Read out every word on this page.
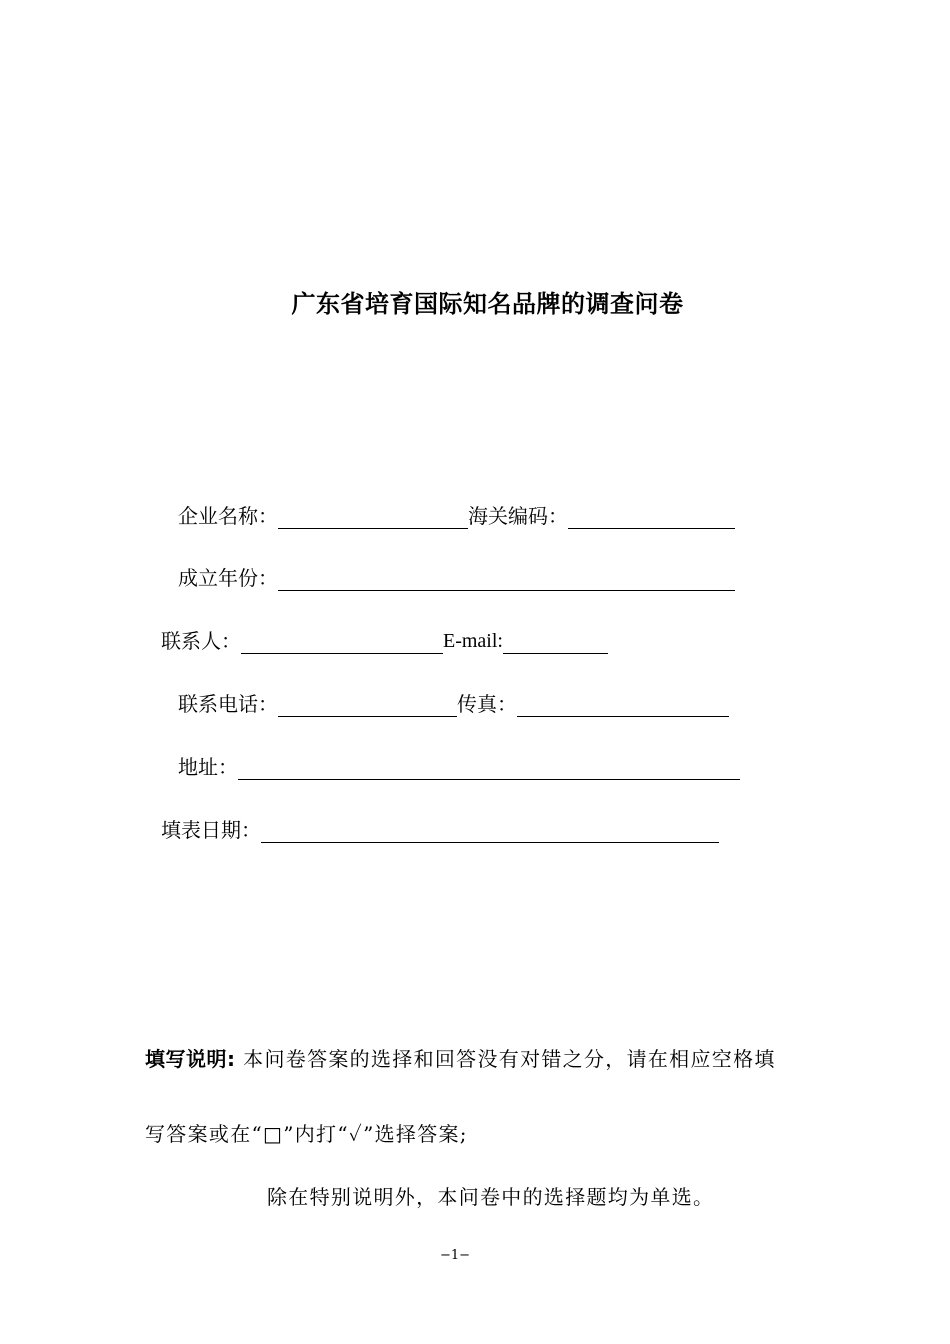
广东省培育国际知名品牌的调查问卷
企业名称：	海关编码：
成立年份：
联系人：	E-mail:
联系电话：	传真：
地址：
填表日期：
填写说明: 本问卷答案的选择和回答没有对错之分，请在相应空格填
写答案或在“□”内打“✓”选择答案;
除在特别说明外，本问卷中的选择题均为单选。
−1−
